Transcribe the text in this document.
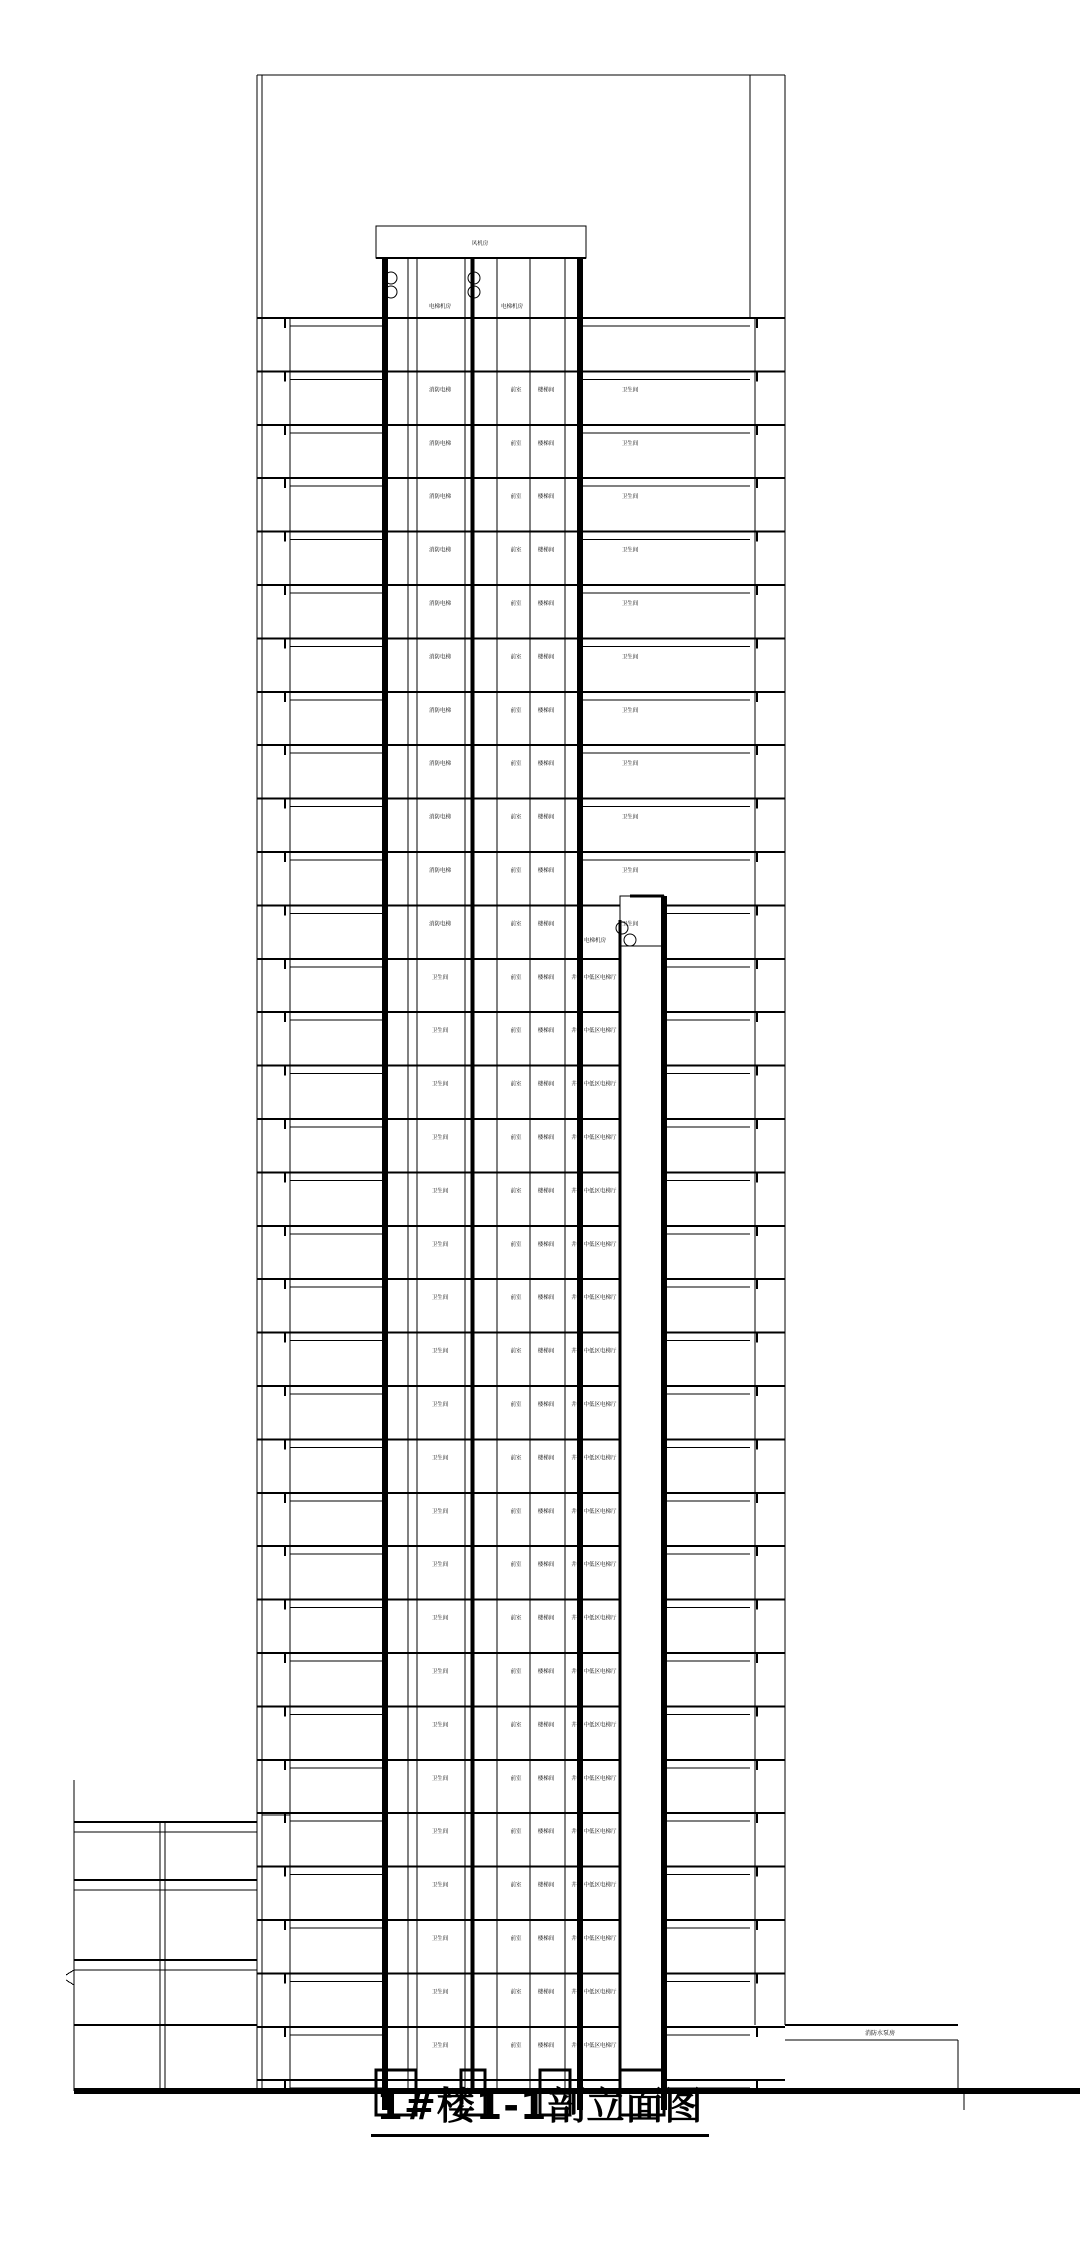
风机房
电梯机房	电梯机房
电梯机房
消防电梯	前室	楼梯间	卫生间
消防电梯	前室	楼梯间	卫生间
消防电梯	前室	楼梯间	卫生间
消防电梯	前室	楼梯间	卫生间
消防电梯	前室	楼梯间	卫生间
消防电梯	前室	楼梯间	卫生间
消防电梯	前室	楼梯间	卫生间
消防电梯	前室	楼梯间	卫生间
消防电梯	前室	楼梯间	卫生间
消防电梯	前室	楼梯间	卫生间
消防电梯	前室	楼梯间	卫生间
卫生间	前室	楼梯间	井 中低区电梯厅
卫生间	前室	楼梯间	井 中低区电梯厅
卫生间	前室	楼梯间	井 中低区电梯厅
卫生间	前室	楼梯间	井 中低区电梯厅
卫生间	前室	楼梯间	井 中低区电梯厅
卫生间	前室	楼梯间	井 中低区电梯厅
卫生间	前室	楼梯间	井 中低区电梯厅
卫生间	前室	楼梯间	井 中低区电梯厅
卫生间	前室	楼梯间	井 中低区电梯厅
卫生间	前室	楼梯间	井 中低区电梯厅
卫生间	前室	楼梯间	井 中低区电梯厅
卫生间	前室	楼梯间	井 中低区电梯厅
卫生间	前室	楼梯间	井 中低区电梯厅
卫生间	前室	楼梯间	井 中低区电梯厅
卫生间	前室	楼梯间	井 中低区电梯厅
卫生间	前室	楼梯间	井 中低区电梯厅
卫生间	前室	楼梯间	井 中低区电梯厅
卫生间	前室	楼梯间	井 中低区电梯厅
卫生间	前室	楼梯间	井 中低区电梯厅
卫生间	前室	楼梯间	井 中低区电梯厅
卫生间	前室	楼梯间	井 中低区电梯厅
消防水泵房
1#楼1-1剖立面图
